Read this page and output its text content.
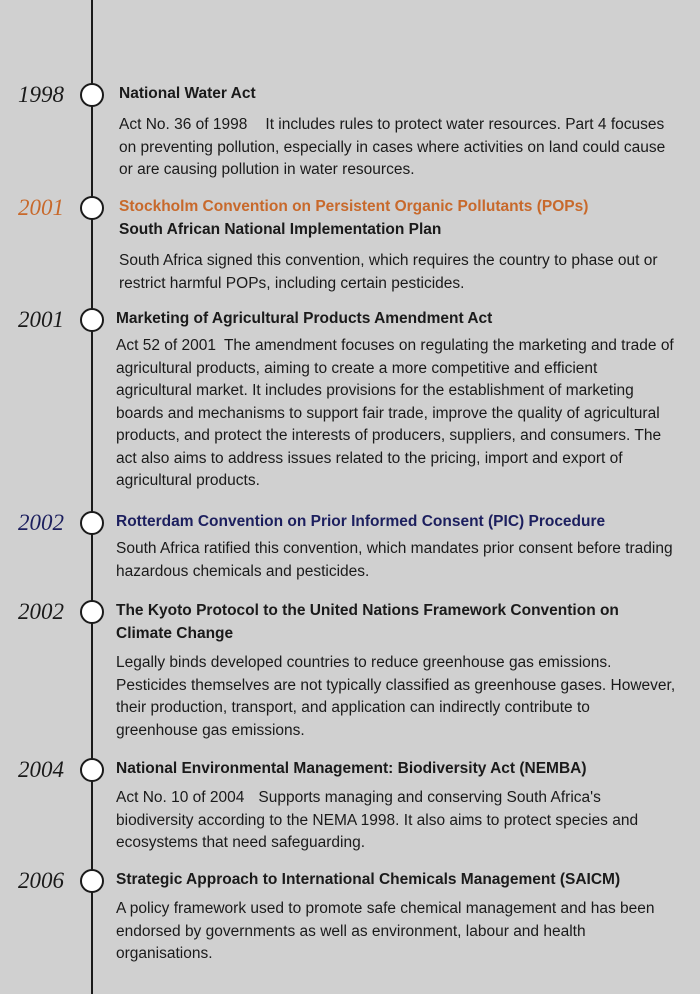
1998	National Water Act
Act No. 36 of 1998 It includes rules to protect water resources. Part 4 focuses on preventing pollution, especially in cases where activities on land could cause or are causing pollution in water resources.
2001	Stockholm Convention on Persistent Organic Pollutants (POPs)
South African National Implementation Plan
South Africa signed this convention, which requires the country to phase out or restrict harmful POPs, including certain pesticides.
2001	Marketing of Agricultural Products Amendment Act
Act 52 of 2001 The amendment focuses on regulating the marketing and trade of agricultural products, aiming to create a more competitive and efficient agricultural market. It includes provisions for the establishment of marketing boards and mechanisms to support fair trade, improve the quality of agricultural products, and protect the interests of producers, suppliers, and consumers. The act also aims to address issues related to the pricing, import and export of agricultural products.
2002	Rotterdam Convention on Prior Informed Consent (PIC) Procedure
South Africa ratified this convention, which mandates prior consent before trading hazardous chemicals and pesticides.
2002	The Kyoto Protocol to the United Nations Framework Convention on Climate Change
Legally binds developed countries to reduce greenhouse gas emissions. Pesticides themselves are not typically classified as greenhouse gases. However, their production, transport, and application can indirectly contribute to greenhouse gas emissions.
2004	National Environmental Management: Biodiversity Act (NEMBA)
Act No. 10 of 2004 Supports managing and conserving South Africa's biodiversity according to the NEMA 1998. It also aims to protect species and ecosystems that need safeguarding.
2006	Strategic Approach to International Chemicals Management (SAICM)
A policy framework used to promote safe chemical management and has been endorsed by governments as well as environment, labour and health organisations.
